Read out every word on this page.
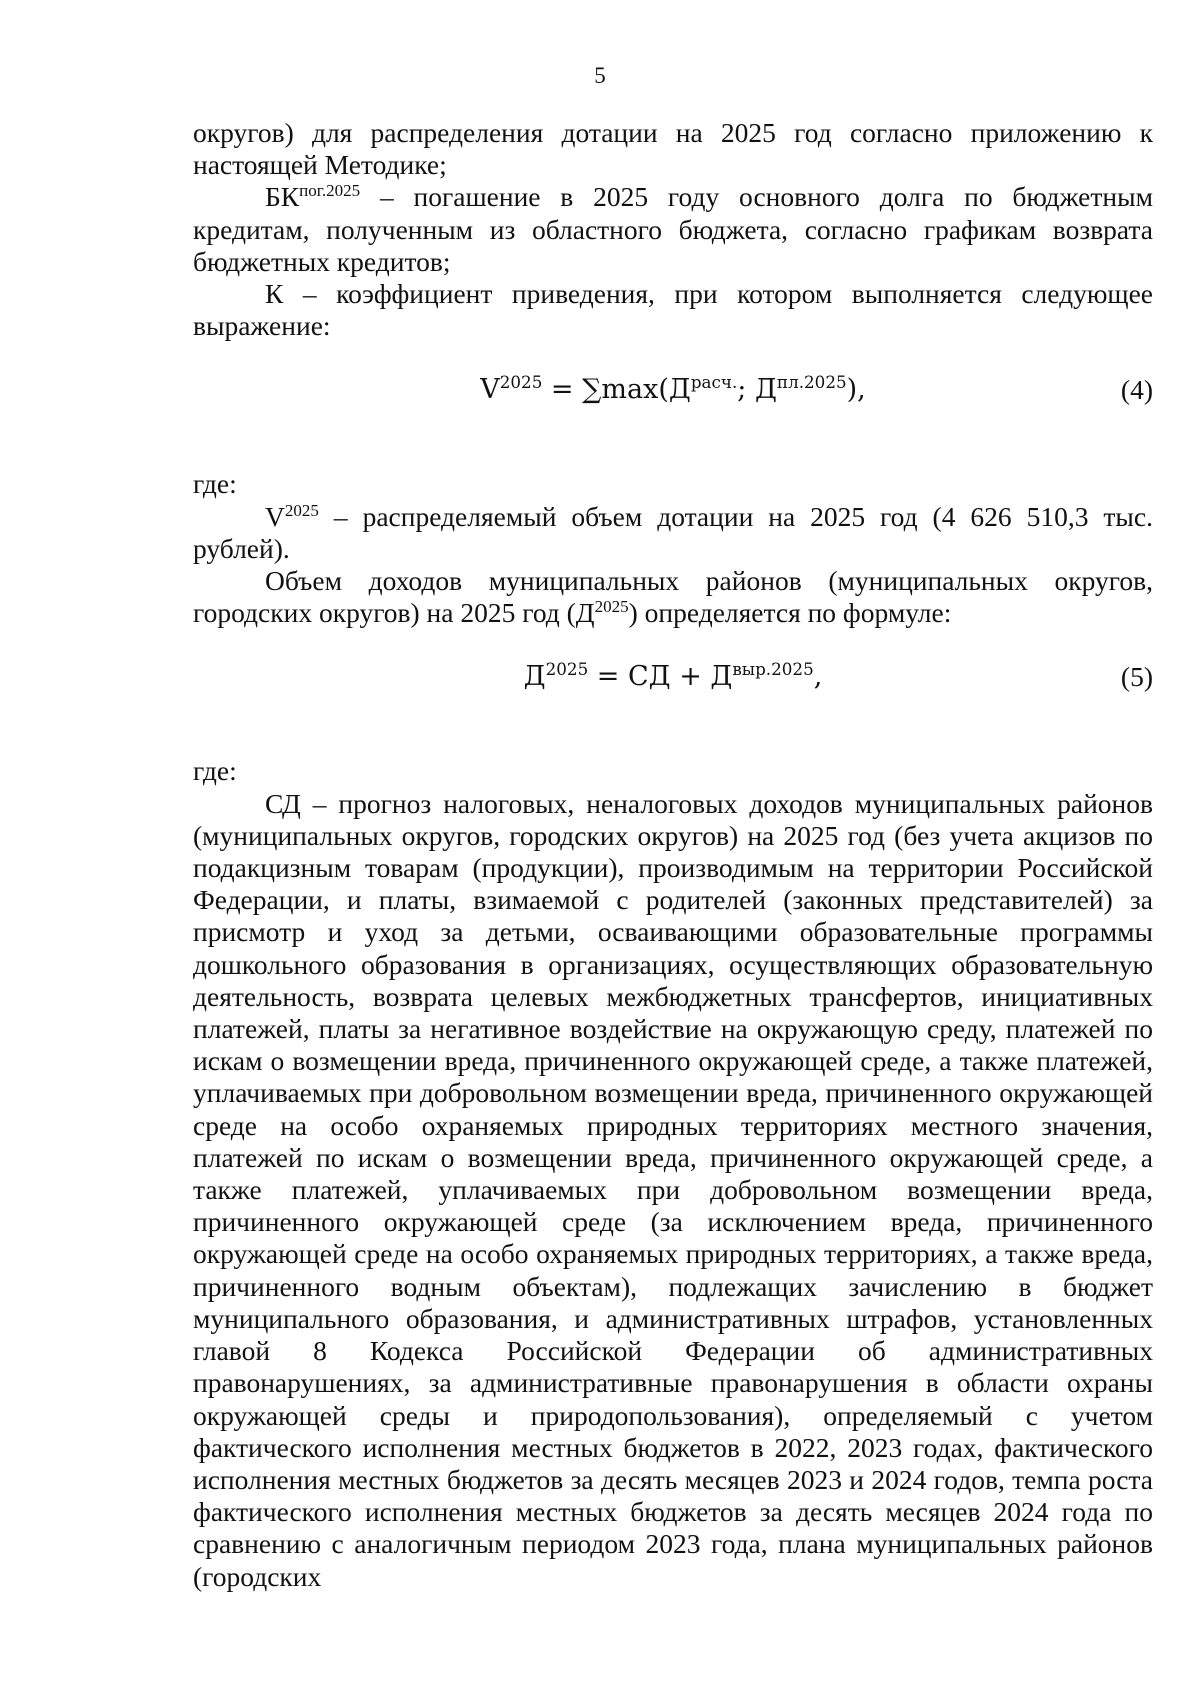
5

округов) для распределения дотации на 2025 год согласно приложению к настоящей Методике;

$БК^{пог.2025}$ – погашение в 2025 году основного долга по бюджетным кредитам, полученным из областного бюджета, согласно графикам возврата бюджетных кредитов;

К – коэффициент приведения, при котором выполняется следующее выражение:

$V^{2025} = \sum\max(Д^{расч.}$; $Д^{пл.2025}$),	(4)

где:

$V^{2025}$ – распределяемый объем дотации на 2025 год (4 626 510,3 тыс. рублей).

Объем доходов муниципальных районов (муниципальных округов, городских округов) на 2025 год $(Д^{2025})$ определяется по формуле:

$Д^{2025}$ = СД + $Д^{выр.2025}$,	(5)

где:

СД – прогноз налоговых, неналоговых доходов муниципальных районов (муниципальных округов, городских округов) на 2025 год (без учета акцизов по подакцизным товарам (продукции), производимым на территории Российской Федерации, и платы, взимаемой с родителей (законных представителей) за присмотр и уход за детьми, осваивающими образовательные программы дошкольного образования в организациях, осуществляющих образовательную деятельность, возврата целевых межбюджетных трансфертов, инициативных платежей, платы за негативное воздействие на окружающую среду, платежей по искам о возмещении вреда, причиненного окружающей среде, а также платежей, уплачиваемых при добровольном возмещении вреда, причиненного окружающей среде на особо охраняемых природных территориях местного значения, платежей по искам о возмещении вреда, причиненного окружающей среде, а также платежей, уплачиваемых при добровольном возмещении вреда, причиненного окружающей среде (за исключением вреда, причиненного окружающей среде на особо охраняемых природных территориях, а также вреда, причиненного водным объектам), подлежащих зачислению в бюджет муниципального образования, и административных штрафов, установленных главой 8 Кодекса Российской Федерации об административных правонарушениях, за административные правонарушения в области охраны окружающей среды и природопользования), определяемый с учетом фактического исполнения местных бюджетов в 2022, 2023 годах, фактического исполнения местных бюджетов за десять месяцев 2023 и 2024 годов, темпа роста фактического исполнения местных бюджетов за десять месяцев 2024 года по сравнению с аналогичным периодом 2023 года, плана муниципальных районов (городских
